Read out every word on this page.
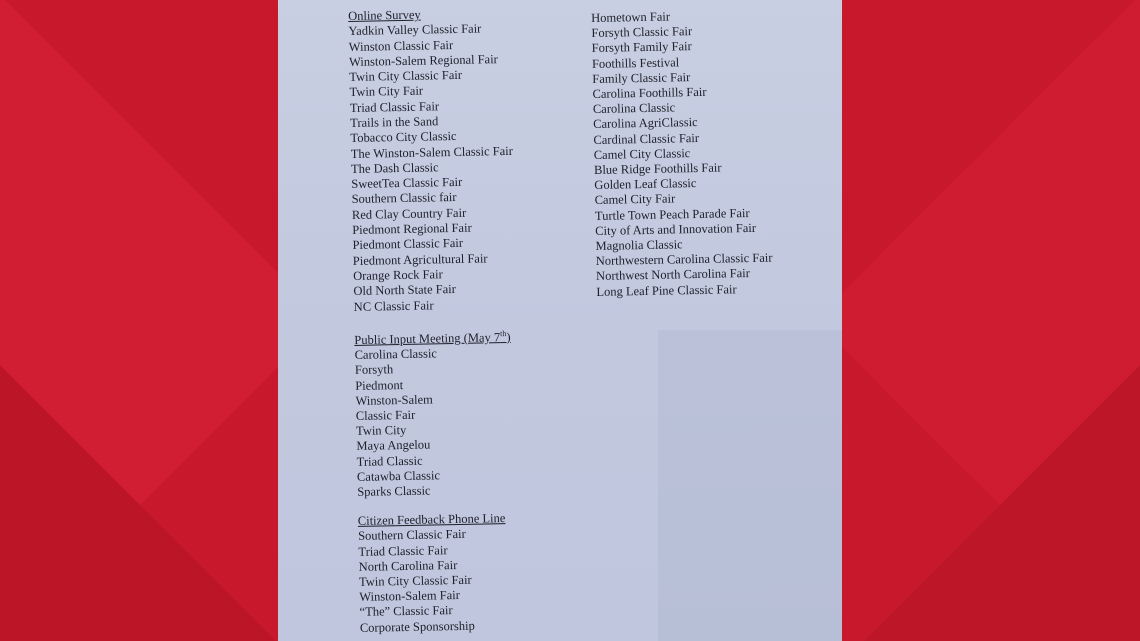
Online Survey
Yadkin Valley Classic Fair
Winston Classic Fair
Winston-Salem Regional Fair
Twin City Classic Fair
Twin City Fair
Triad Classic Fair
Trails in the Sand
Tobacco City Classic
The Winston-Salem Classic Fair
The Dash Classic
SweetTea Classic Fair
Southern Classic fair
Red Clay Country Fair
Piedmont Regional Fair
Piedmont Classic Fair
Piedmont Agricultural Fair
Orange Rock Fair
Old North State Fair
NC Classic Fair
Public Input Meeting (May 7th)
Carolina Classic
Forsyth
Piedmont
Winston-Salem
Classic Fair
Twin City
Maya Angelou
Triad Classic
Catawba Classic
Sparks Classic
Citizen Feedback Phone Line
Southern Classic Fair
Triad Classic Fair
North Carolina Fair
Twin City Classic Fair
Winston-Salem Fair
“The” Classic Fair
Corporate Sponsorship
Hometown Fair
Forsyth Classic Fair
Forsyth Family Fair
Foothills Festival
Family Classic Fair
Carolina Foothills Fair
Carolina Classic
Carolina AgriClassic
Cardinal Classic Fair
Camel City Classic
Blue Ridge Foothills Fair
Golden Leaf Classic
Camel City Fair
Turtle Town Peach Parade Fair
City of Arts and Innovation Fair
Magnolia Classic
Northwestern Carolina Classic Fair
Northwest North Carolina Fair
Long Leaf Pine Classic Fair
